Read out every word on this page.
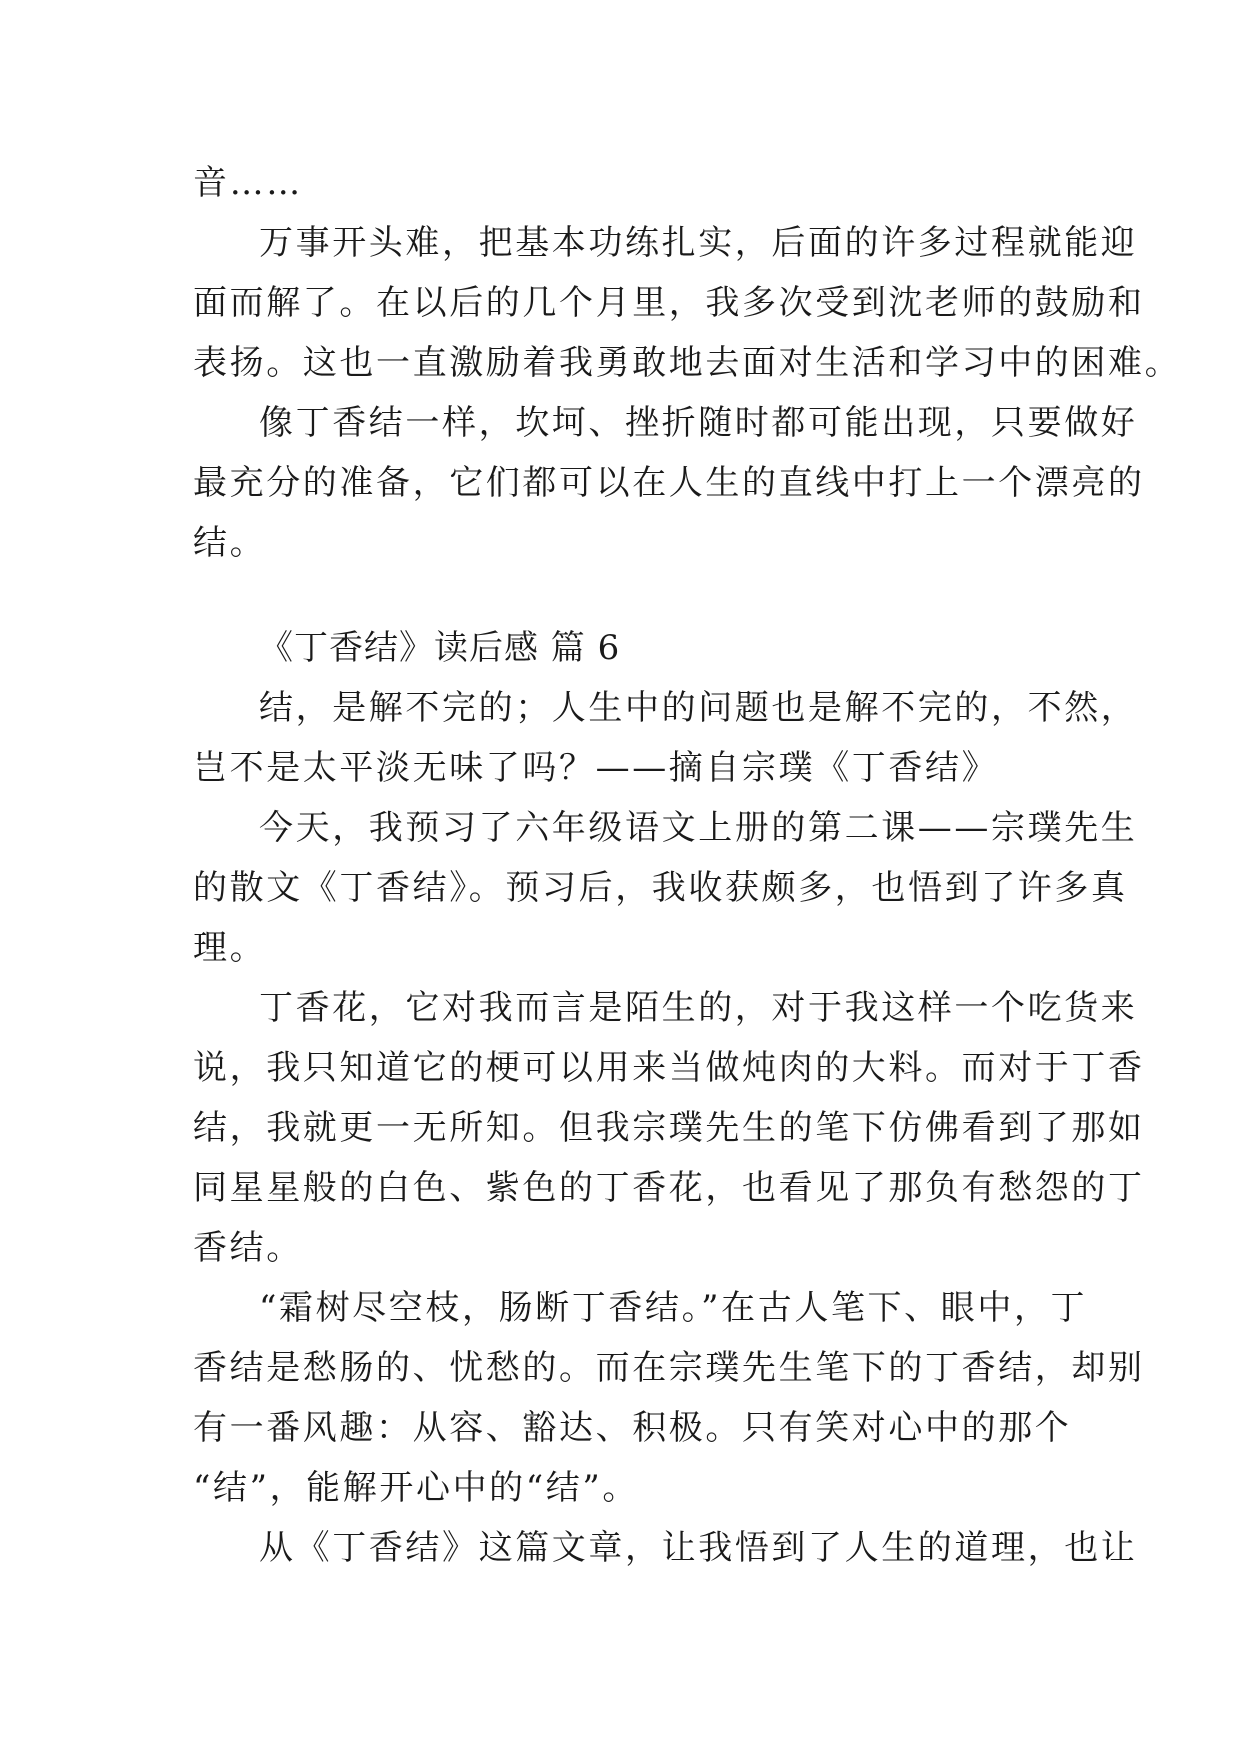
音……

万事开头难，把基本功练扎实，后面的许多过程就能迎

面而解了。在以后的几个月里，我多次受到沈老师的鼓励和

表扬。这也一直激励着我勇敢地去面对生活和学习中的困难。

像丁香结一样，坎坷、挫折随时都可能出现，只要做好

最充分的准备，它们都可以在人生的直线中打上一个漂亮的

结。

《丁香结》读后感 篇 6

结，是解不完的；人生中的问题也是解不完的，不然，

岂不是太平淡无味了吗？——摘自宗璞《丁香结》

今天，我预习了六年级语文上册的第二课——宗璞先生

的散文《丁香结》。预习后，我收获颇多，也悟到了许多真

理。

丁香花，它对我而言是陌生的，对于我这样一个吃货来

说，我只知道它的梗可以用来当做炖肉的大料。而对于丁香

结，我就更一无所知。但我宗璞先生的笔下仿佛看到了那如

同星星般的白色、紫色的丁香花，也看见了那负有愁怨的丁

香结。

“霜树尽空枝，肠断丁香结。”在古人笔下、眼中，丁

香结是愁肠的、忧愁的。而在宗璞先生笔下的丁香结，却别

有一番风趣：从容、豁达、积极。只有笑对心中的那个

“结”，能解开心中的“结”。

从《丁香结》这篇文章，让我悟到了人生的道理，也让
